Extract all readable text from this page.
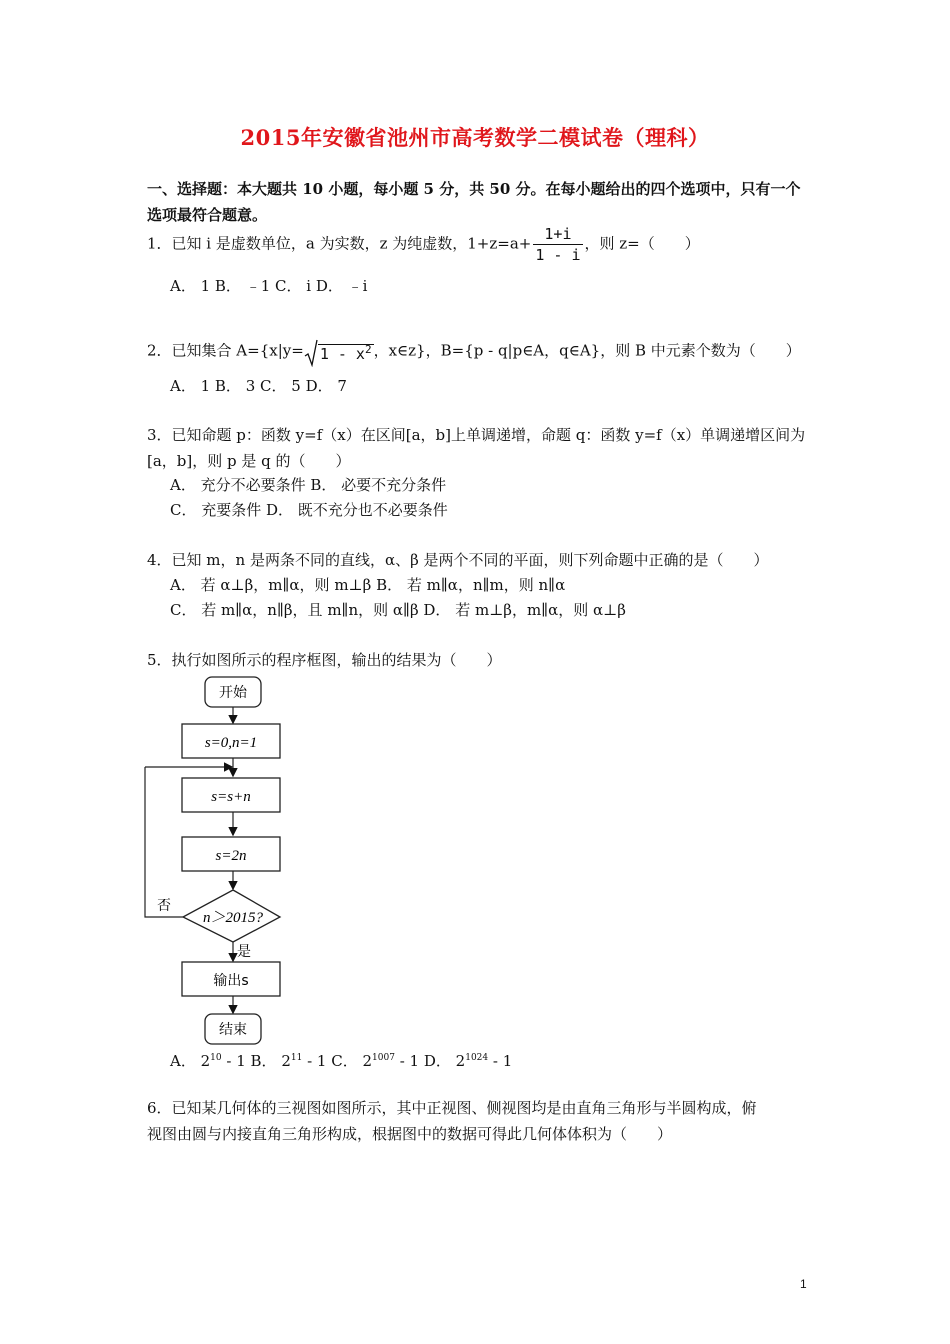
2015年安徽省池州市高考数学二模试卷（理科）
一、选择题：本大题共 10 小题，每小题 5 分，共 50 分。在每小题给出的四个选项中，只有一个
选项最符合题意。
1．已知 i 是虚数单位，a 为实数，z 为纯虚数，$1+z=a+ \frac{1+i}{1 - i}$ ，则 z=（　　）
A． 1 B． ﹣1 C． i D． ﹣i
2．已知集合 $A=\{x|y= 1 - x^2$ ，x∈z}，B={p - q|p∈A，q∈A}，则 B 中元素个数为（　　）
A． 1 B． 3 C． 5 D． 7
3．已知命题 p：函数 y=f（x）在区间[a，b]上单调递增，命题 q：函数 y=f（x）单调递增区间为
[a，b]，则 p 是 q 的（　　）
A． 充分不必要条件 B． 必要不充分条件
C． 充要条件 D． 既不充分也不必要条件
4．已知 m，n 是两条不同的直线，α、β 是两个不同的平面，则下列命题中正确的是（　　）
A． 若 α⊥β，m∥α，则 m⊥β B． 若 m∥α，n∥m，则 n∥α
C． 若 m∥α，n∥β，且 m∥n，则 α∥β D． 若 m⊥β，m∥α，则 α⊥β
5．执行如图所示的程序框图，输出的结果为（　　）
开始
s=0,n=1
s=s+n
s=2n
n＞2015?
否
是
输出s
结束
A． $2^{10} - 1$ B． $2^{11} - 1$ C． $2^{1007} - 1$ D． $2^{1024} - 1$
6．已知某几何体的三视图如图所示，其中正视图、侧视图均是由直角三角形与半圆构成，俯
视图由圆与内接直角三角形构成，根据图中的数据可得此几何体体积为（　　）
1
